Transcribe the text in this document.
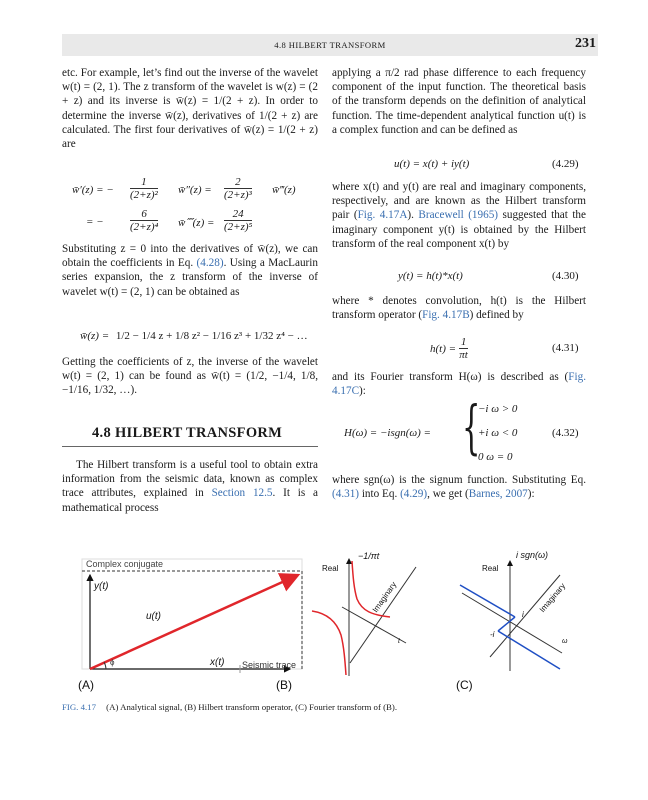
4.8 HILBERT TRANSFORM	231

etc. For example, let’s find out the inverse of the wavelet w(t) = (2, 1). The z transform of the wavelet is w(z) = (2 + z) and its inverse is w̄(z) = 1/(2 + z). In order to determine the inverse w̄(z), derivatives of 1/(2 + z) are calculated. The first four derivatives of w̄(z) = 1/(2 + z) are

w̄′(z) = − $\frac{1}{\text{(2+z)²}}$ w̄″(z) = $\frac{2}{\text{(2+z)³}}$ w̄‴(z)
= − $\frac{6}{\text{(2+z)⁴}}$ w̄⁗(z) = $\frac{24}{\text{(2+z)⁵}}$

Substituting z = 0 into the derivatives of w̄(z), we can obtain the coefficients in Eq. (4.28). Using a MacLaurin series expansion, the z transform of the inverse of wavelet w(t) = (2, 1) can be obtained as

w̄(z) = 1/2 − 1/4 z + 1/8 z² − 1/16 z³ + 1/32 z⁴ − …

Getting the coefficients of z, the inverse of the wavelet w(t) = (2, 1) can be found as w̄(t) = (1/2, −1/4, 1/8, −1/16, 1/32, …).

4.8 HILBERT TRANSFORM

The Hilbert transform is a useful tool to obtain extra information from the seismic data, known as complex trace attributes, explained in Section 12.5. It is a mathematical process

applying a π/2 rad phase difference to each frequency component of the input function. The theoretical basis of the transform depends on the definition of analytical function. The time-dependent analytical function u(t) is a complex function and can be defined as

u(t) = x(t) + iy(t)	(4.29)

where x(t) and y(t) are real and imaginary components, respectively, and are known as the Hilbert transform pair (Fig. 4.17A). Bracewell (1965) suggested that the imaginary component y(t) is obtained by the Hilbert transform of the real component x(t) by

y(t) = h(t)*x(t)	(4.30)

where * denotes convolution, h(t) is the Hilbert transform operator (Fig. 4.17B) defined by

$h(t) = \frac{1}{\pi t}$	(4.31)

and its Fourier transform H(ω) is described as (Fig. 4.17C):

H(ω) = −isgn(ω) = {
−i ω > 0
+i ω < 0
0 ω = 0
(4.32)

where sgn(ω) is the signum function. Substituting Eq. (4.31) into Eq. (4.29), we get (Barnes, 2007):

Complex conjugate
y(t)
u(t)
ϕ	x(t) Seismic trace
(A)
−1/πt
Real
Imaginary
t
(B)
i sgn(ω)
Real
Imaginary
i
-i
ω
(C)
FIG. 4.17 (A) Analytical signal, (B) Hilbert transform operator, (C) Fourier transform of (B).
